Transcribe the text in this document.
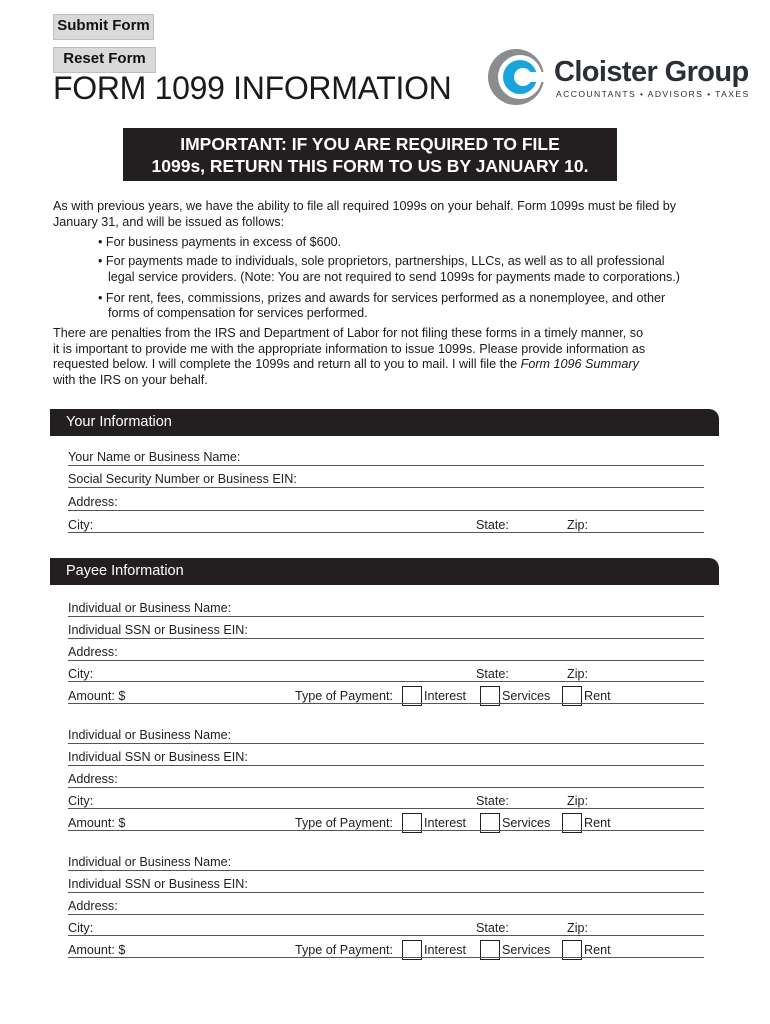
Submit Form
Reset Form
FORM 1099 INFORMATION	Cloister Group
ACCOUNTANTS • ADVISORS • TAXES
IMPORTANT: IF YOU ARE REQUIRED TO FILE
1099s, RETURN THIS FORM TO US BY JANUARY 10.
As with previous years, we have the ability to file all required 1099s on your behalf. Form 1099s must be filed by
January 31, and will be issued as follows:
• For business payments in excess of $600.
• For payments made to individuals, sole proprietors, partnerships, LLCs, as well as to all professional
legal service providers. (Note: You are not required to send 1099s for payments made to corporations.)
• For rent, fees, commissions, prizes and awards for services performed as a nonemployee, and other
forms of compensation for services performed.
There are penalties from the IRS and Department of Labor for not filing these forms in a timely manner, so
it is important to provide me with the appropriate information to issue 1099s. Please provide information as
requested below. I will complete the 1099s and return all to you to mail. I will file the Form 1096 Summary
with the IRS on your behalf.
Your Information
Your Name or Business Name:
Social Security Number or Business EIN:
Address:
City:	State:	Zip:
Payee Information
Individual or Business Name:
Individual SSN or Business EIN:
Address:
City:	State:	Zip:
Amount: $	Type of Payment: Interest	Services	Rent
Individual or Business Name:
Individual SSN or Business EIN:
Address:
City:	State:	Zip:
Amount: $	Type of Payment: Interest	Services	Rent
Individual or Business Name:
Individual SSN or Business EIN:
Address:
City:	State:	Zip:
Amount: $	Type of Payment: Interest	Services	Rent
